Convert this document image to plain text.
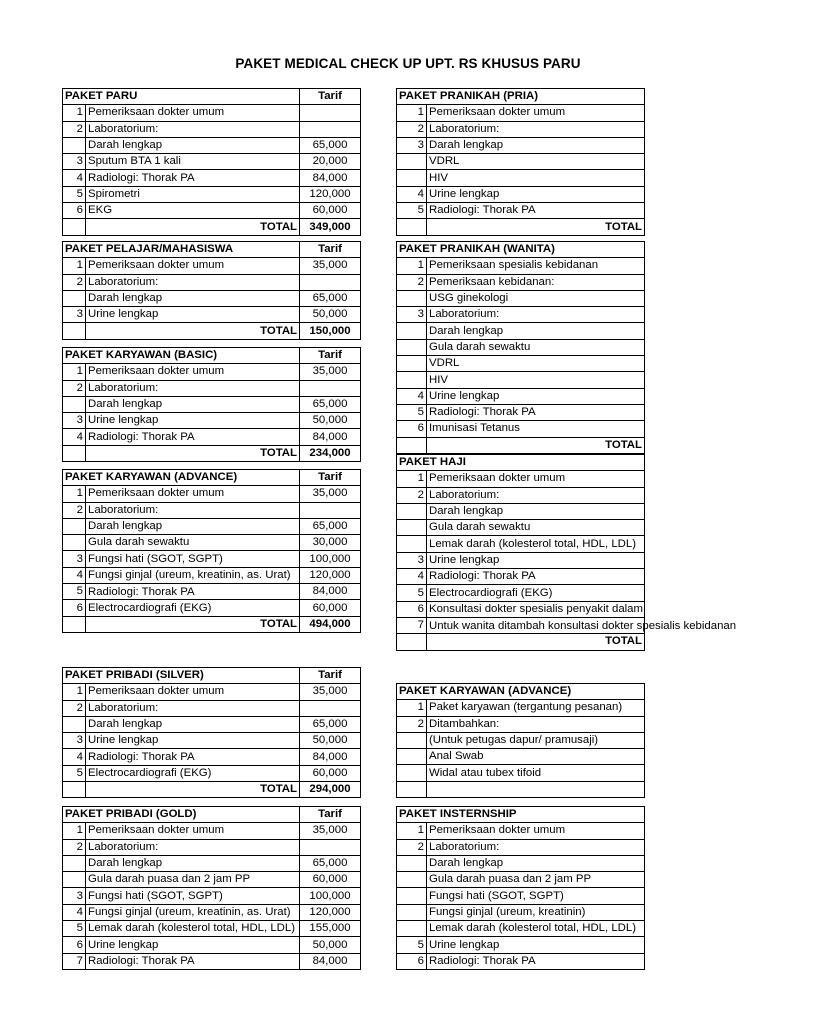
PAKET MEDICAL CHECK UP UPT. RS KHUSUS PARU
PAKET PARU		Tarif
1	Pemeriksaan dokter umum	
2	Laboratorium:	
	Darah lengkap	65,000
3	Sputum BTA 1 kali	20,000
4	Radiologi: Thorak PA	84,000
5	Spirometri	120,000
6	EKG	60,000
	TOTAL	349,000
PAKET PELAJAR/MAHASISWA		Tarif
1	Pemeriksaan dokter umum	35,000
2	Laboratorium:	
	Darah lengkap	65,000
3	Urine lengkap	50,000
	TOTAL	150,000
PAKET KARYAWAN (BASIC)		Tarif
1	Pemeriksaan dokter umum	35,000
2	Laboratorium:	
	Darah lengkap	65,000
3	Urine lengkap	50,000
4	Radiologi: Thorak PA	84,000
	TOTAL	234,000
PAKET KARYAWAN (ADVANCE)		Tarif
1	Pemeriksaan dokter umum	35,000
2	Laboratorium:	
	Darah lengkap	65,000
	Gula darah sewaktu	30,000
3	Fungsi hati (SGOT, SGPT)	100,000
4	Fungsi ginjal (ureum, kreatinin, as. Urat)	120,000
5	Radiologi: Thorak PA	84,000
6	Electrocardiografi (EKG)	60,000
	TOTAL	494,000
PAKET PRIBADI (SILVER)		Tarif
1	Pemeriksaan dokter umum	35,000
2	Laboratorium:	
	Darah lengkap	65,000
3	Urine lengkap	50,000
4	Radiologi: Thorak PA	84,000
5	Electrocardiografi (EKG)	60,000
	TOTAL	294,000
PAKET PRIBADI (GOLD)		Tarif
1	Pemeriksaan dokter umum	35,000
2	Laboratorium:	
	Darah lengkap	65,000
	Gula darah puasa dan 2 jam PP	60,000
3	Fungsi hati (SGOT, SGPT)	100,000
4	Fungsi ginjal (ureum, kreatinin, as. Urat)	120,000
5	Lemak darah (kolesterol total, HDL, LDL)	155,000
6	Urine lengkap	50,000
7	Radiologi: Thorak PA	84,000
PAKET PRANIKAH (PRIA)	
1	Pemeriksaan dokter umum
2	Laboratorium:
3	Darah lengkap
	VDRL
	HIV
4	Urine lengkap
5	Radiologi: Thorak PA
	TOTAL
PAKET PRANIKAH (WANITA)	
1	Pemeriksaan spesialis kebidanan
2	Pemeriksaan kebidanan:
	USG ginekologi
3	Laboratorium:
	Darah lengkap
	Gula darah sewaktu
	VDRL
	HIV
4	Urine lengkap
5	Radiologi: Thorak PA
6	Imunisasi Tetanus
	TOTAL
PAKET HAJI	
1	Pemeriksaan dokter umum
2	Laboratorium:
	Darah lengkap
	Gula darah sewaktu
	Lemak darah (kolesterol total, HDL, LDL)
3	Urine lengkap
4	Radiologi: Thorak PA
5	Electrocardiografi (EKG)
6	Konsultasi dokter spesialis penyakit dalam
7	Untuk wanita ditambah konsultasi dokter spesialis kebidanan
	TOTAL
PAKET KARYAWAN (ADVANCE)	
1	Paket karyawan (tergantung pesanan)
2	Ditambahkan:
	(Untuk petugas dapur/ pramusaji)
	Anal Swab
	Widal atau tubex tifoid

PAKET INSTERNSHIP	
1	Pemeriksaan dokter umum
2	Laboratorium:
	Darah lengkap
	Gula darah puasa dan 2 jam PP
	Fungsi hati (SGOT, SGPT)
	Fungsi ginjal (ureum, kreatinin)
	Lemak darah (kolesterol total, HDL, LDL)
5	Urine lengkap
6	Radiologi: Thorak PA
